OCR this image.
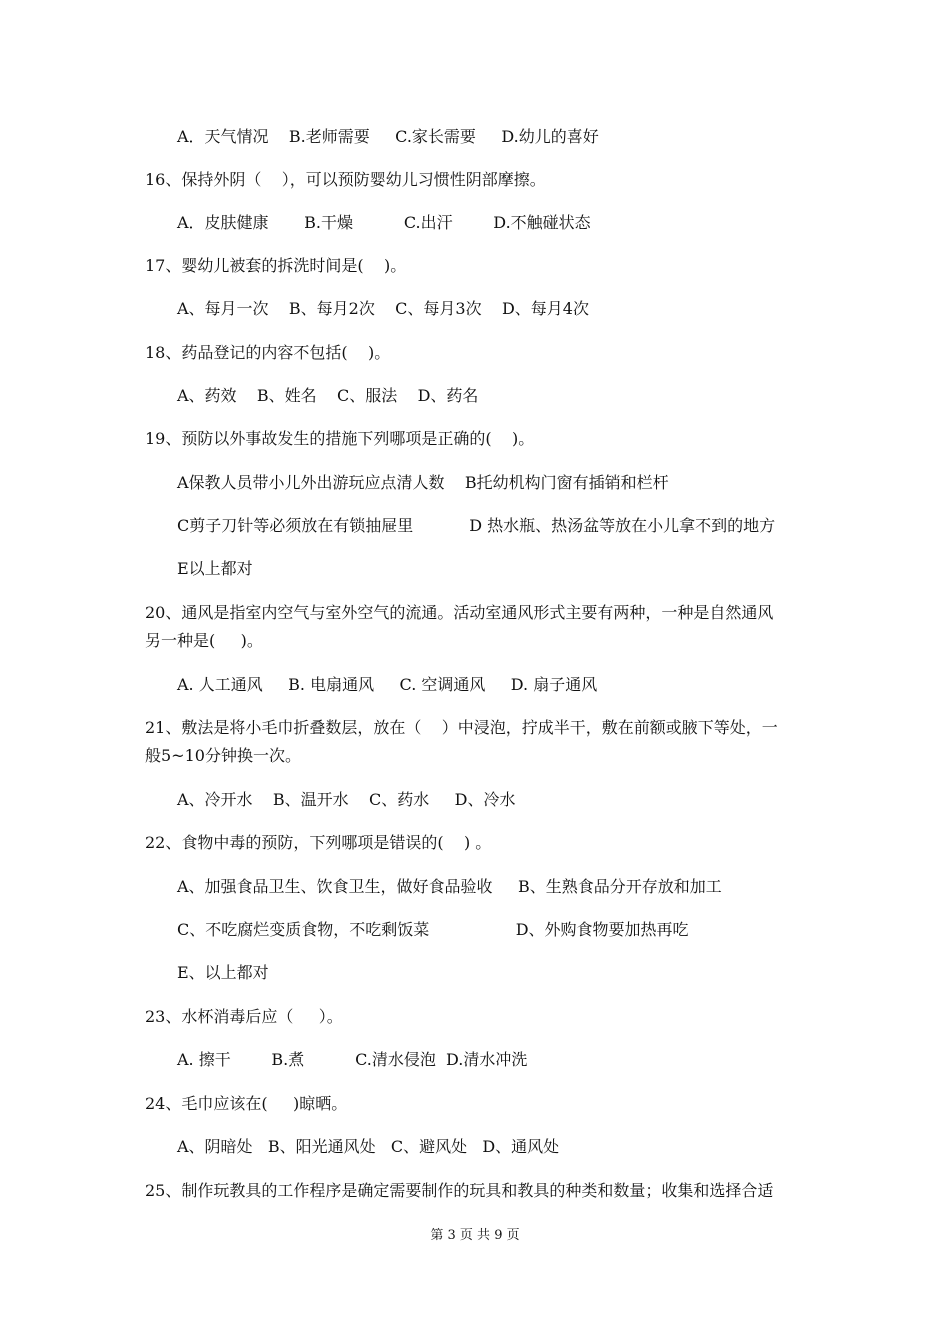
A．天气情况    B.老师需要     C.家长需要     D.幼儿的喜好
16、保持外阴（    ），可以预防婴幼儿习惯性阴部摩擦。
A．皮肤健康       B.干燥          C.出汗        D.不触碰状态
17、婴幼儿被套的拆洗时间是(    )。
A、每月一次    B、每月2次    C、每月3次    D、每月4次
18、药品登记的内容不包括(    )。
A、药效    B、姓名    C、服法    D、药名
19、预防以外事故发生的措施下列哪项是正确的(    )。
A保教人员带小儿外出游玩应点清人数    B托幼机构门窗有插销和栏杆
C剪子刀针等必须放在有锁抽屉里           D 热水瓶、热汤盆等放在小儿拿不到的地方
E以上都对
20、通风是指室内空气与室外空气的流通。活动室通风形式主要有两种，一种是自然通风
另一种是(     )。
A. 人工通风     B. 电扇通风     C. 空调通风     D. 扇子通风
21、敷法是将小毛巾折叠数层，放在（    ）中浸泡，拧成半干，敷在前额或腋下等处，一
般5~10分钟换一次。
A、冷开水    B、温开水    C、药水     D、冷水
22、食物中毒的预防，下列哪项是错误的(    ) 。
A、加强食品卫生、饮食卫生，做好食品验收     B、生熟食品分开存放和加工
C、不吃腐烂变质食物，不吃剩饭菜                 D、外购食物要加热再吃
E、以上都对
23、水杯消毒后应（     ）。
A. 擦干        B.煮          C.清水侵泡  D.清水冲洗
24、毛巾应该在(     )晾晒。
A、阴暗处   B、阳光通风处   C、避风处   D、通风处
25、制作玩教具的工作程序是确定需要制作的玩具和教具的种类和数量；收集和选择合适
第 3 页 共 9 页
